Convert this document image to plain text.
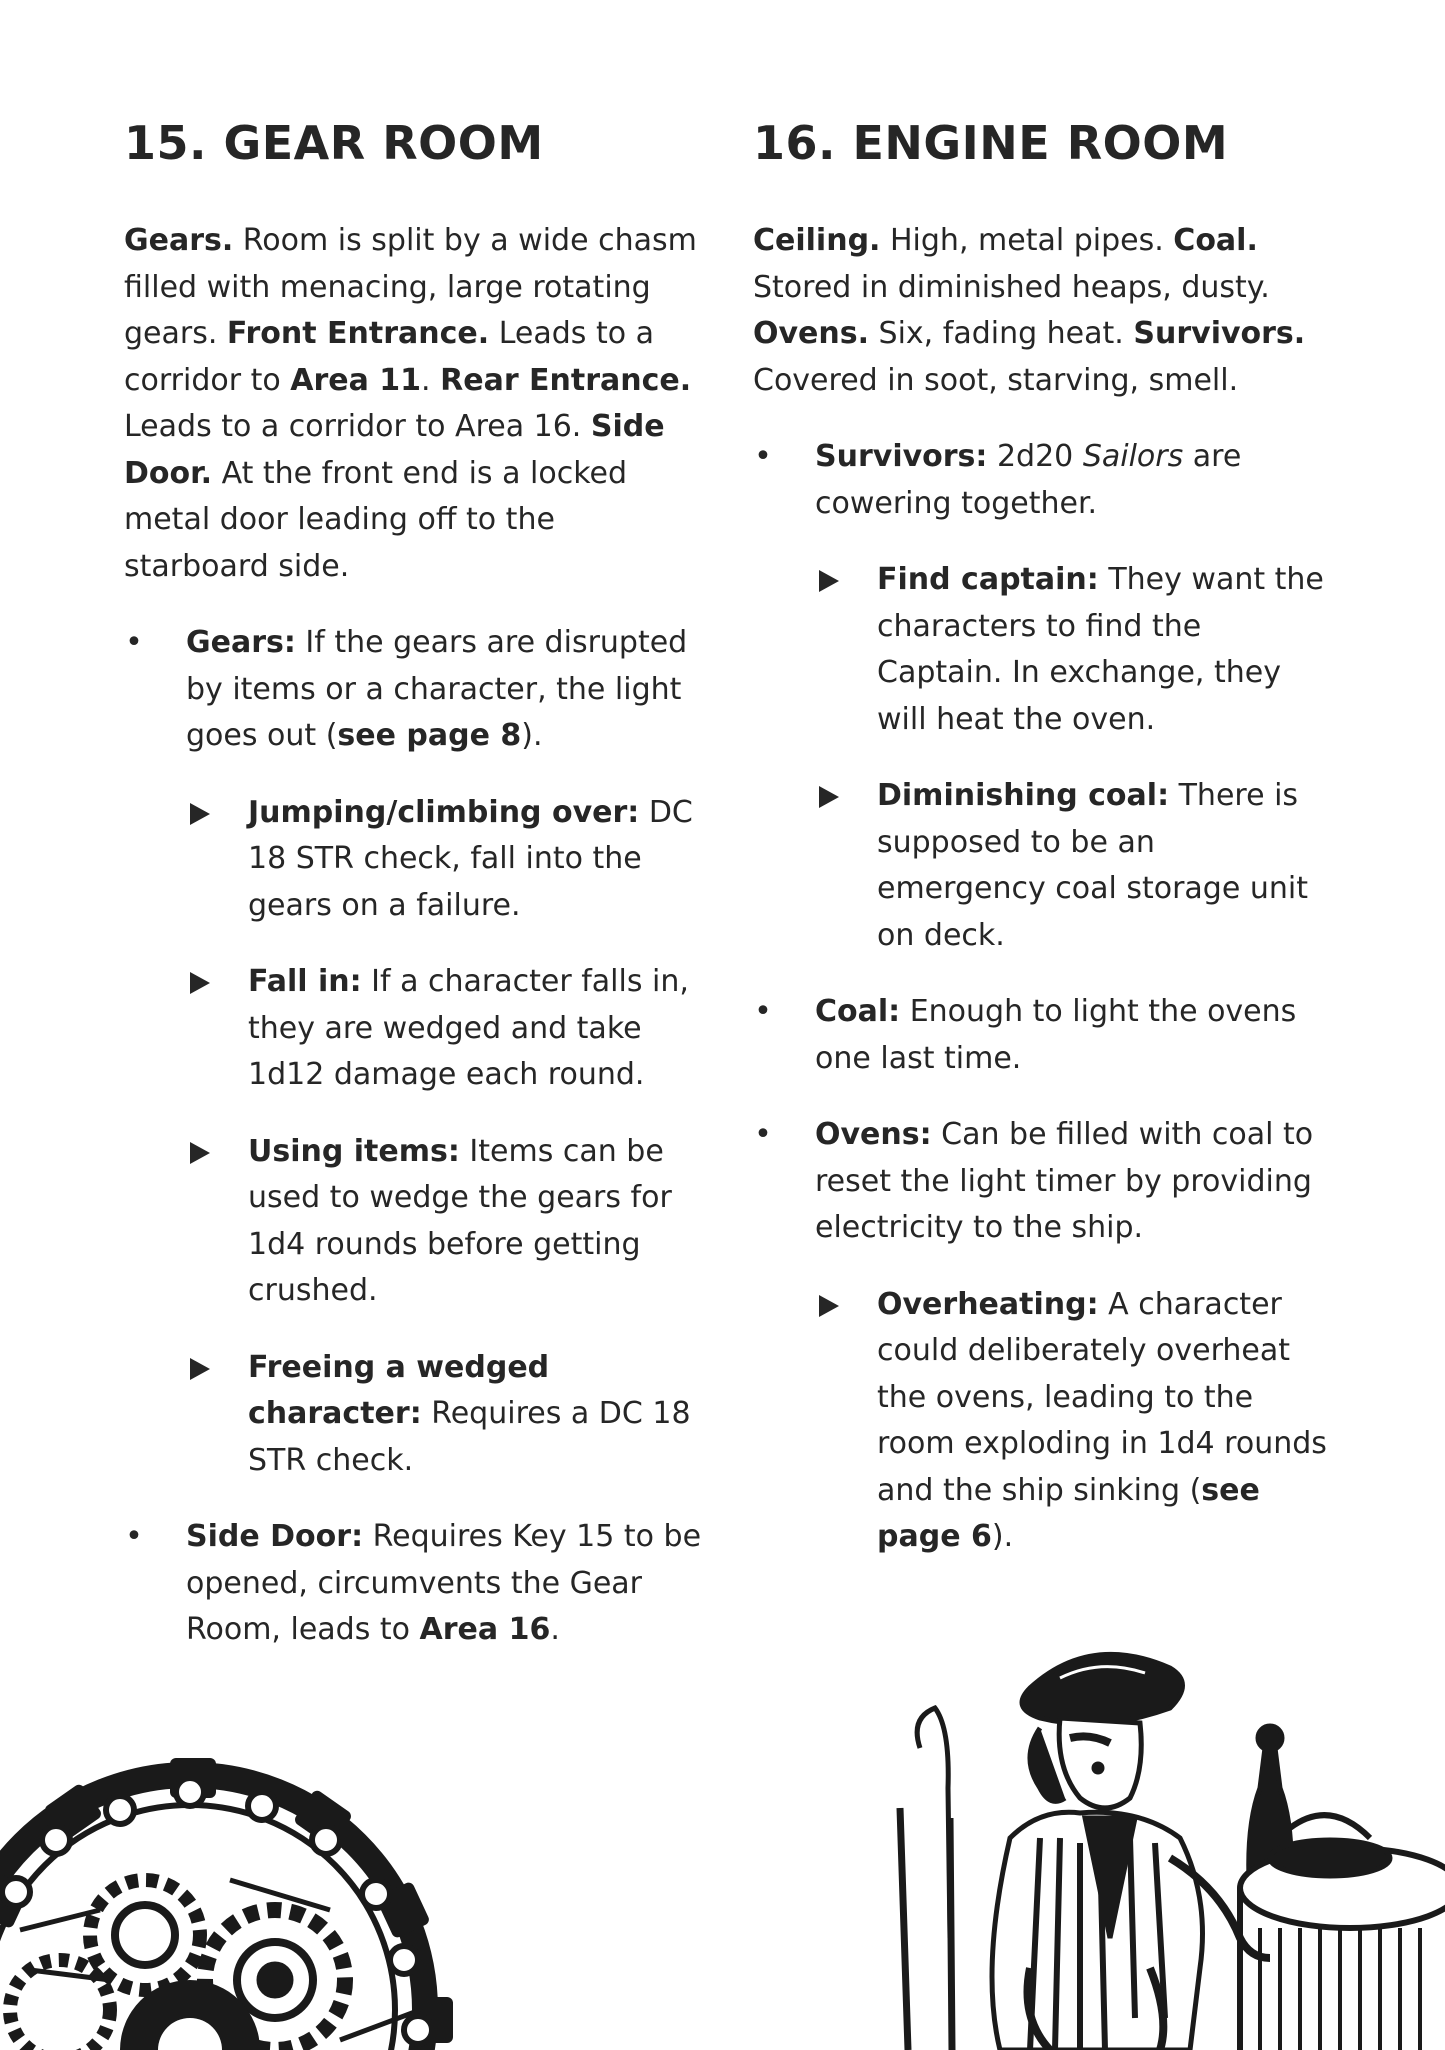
15. GEAR ROOM

Gears. Room is split by a wide chasm filled with menacing, large rotating gears. Front Entrance. Leads to a corridor to Area 11. Rear Entrance. Leads to a corridor to Area 16. Side Door. At the front end is a locked metal door leading off to the starboard side.

• Gears: If the gears are disrupted by items or a character, the light goes out (see page 8).
Jumping/climbing over: DC 18 STR check, fall into the gears on a failure.
Fall in: If a character falls in, they are wedged and take 1d12 damage each round.
Using items: Items can be used to wedge the gears for 1d4 rounds before getting crushed.
Freeing a wedged character: Requires a DC 18 STR check.
• Side Door: Requires Key 15 to be opened, circumvents the Gear Room, leads to Area 16.
16. ENGINE ROOM

Ceiling. High, metal pipes. Coal. Stored in diminished heaps, dusty. Ovens. Six, fading heat. Survivors. Covered in soot, starving, smell.

• Survivors: 2d20 Sailors are cowering together.
Find captain: They want the characters to find the Captain. In exchange, they will heat the oven.
Diminishing coal: There is supposed to be an emergency coal storage unit on deck.
• Coal: Enough to light the ovens one last time.
• Ovens: Can be filled with coal to reset the light timer by providing electricity to the ship.
Overheating: A character could deliberately overheat the ovens, leading to the room exploding in 1d4 rounds and the ship sinking (see page 6).
